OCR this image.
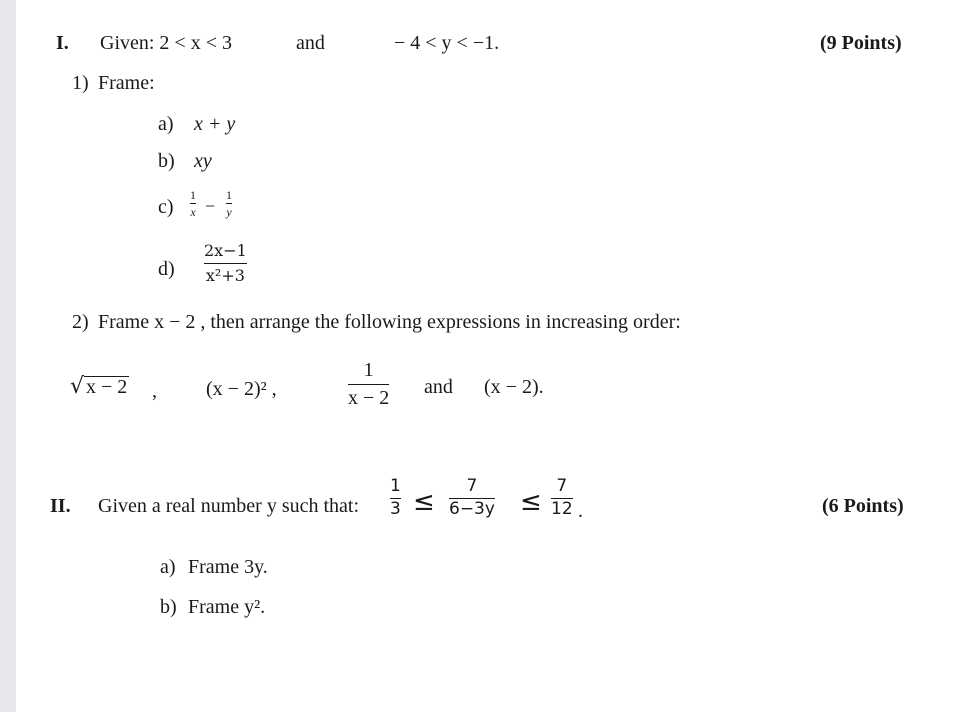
I. Given: 2 < x < 3	and	− 4 < y < −1.	(9 Points)
1) Frame:
a) x + y
b) xy
c)
1
x −
1
y
d)
2x−1
x²+3
2) Frame x − 2 , then arrange the following expressions in increasing order:
√ x − 2 , (x − 2)² ,
1
x − 2 and (x − 2).
II. Given a real number y such that:
1
3 ≤
7
6−3y ≤
7
12 .	(6 Points)
a) Frame 3y.
b) Frame y².
